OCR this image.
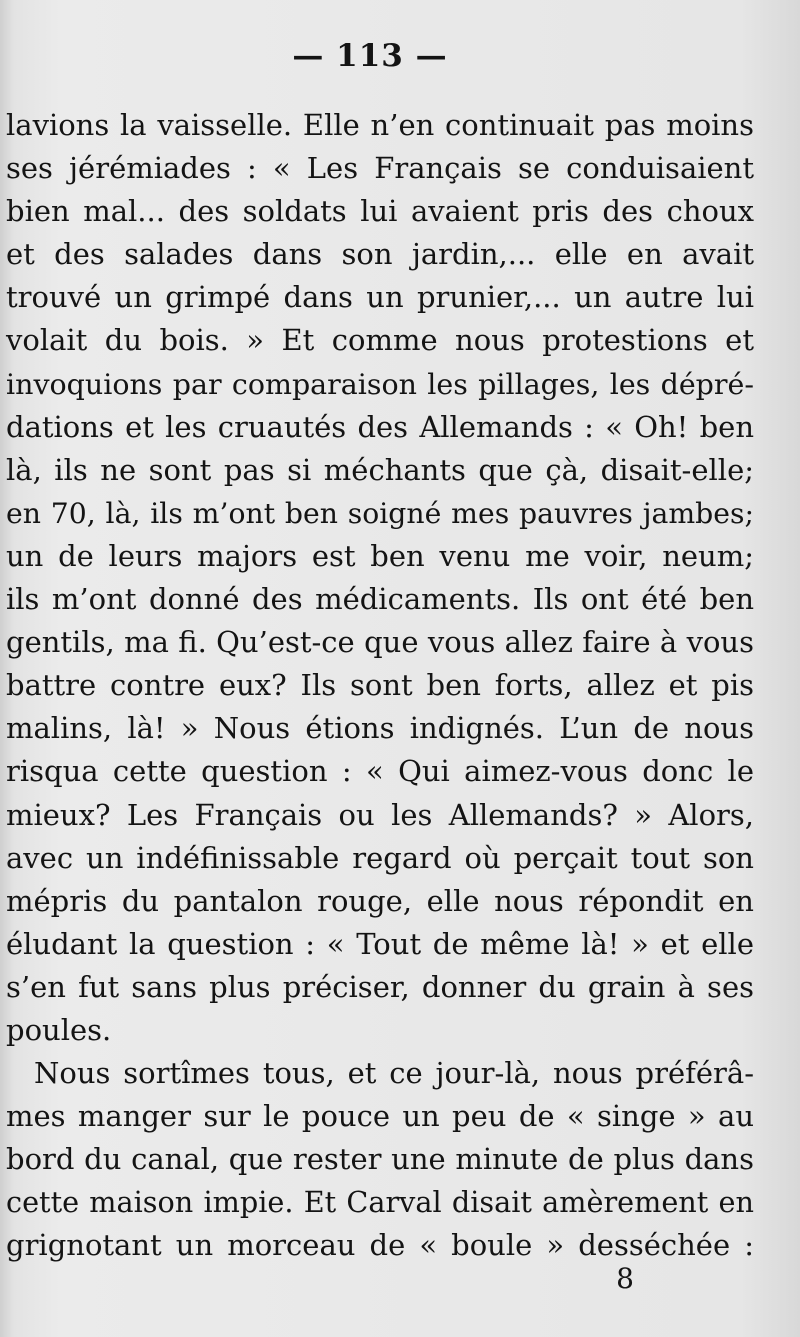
— 113 —
lavions la vaisselle. Elle n’en continuait pas moins
ses jérémiades : « Les Français se conduisaient
bien mal... des soldats lui avaient pris des choux
et des salades dans son jardin,... elle en avait
trouvé un grimpé dans un prunier,... un autre lui
volait du bois. » Et comme nous protestions et
invoquions par comparaison les pillages, les dépré-
dations et les cruautés des Allemands : « Oh! ben
là, ils ne sont pas si méchants que çà, disait-elle;
en 70, là, ils m’ont ben soigné mes pauvres jambes;
un de leurs majors est ben venu me voir, neum;
ils m’ont donné des médicaments. Ils ont été ben
gentils, ma fi. Qu’est-ce que vous allez faire à vous
battre contre eux? Ils sont ben forts, allez et pis
malins, là! » Nous étions indignés. L’un de nous
risqua cette question : « Qui aimez-vous donc le
mieux? Les Français ou les Allemands? » Alors,
avec un indéfinissable regard où perçait tout son
mépris du pantalon rouge, elle nous répondit en
éludant la question : « Tout de même là! » et elle
s’en fut sans plus préciser, donner du grain à ses
poules.
Nous sortîmes tous, et ce jour-là, nous préférâ-
mes manger sur le pouce un peu de « singe » au
bord du canal, que rester une minute de plus dans
cette maison impie. Et Carval disait amèrement en
grignotant un morceau de « boule » desséchée :
8
